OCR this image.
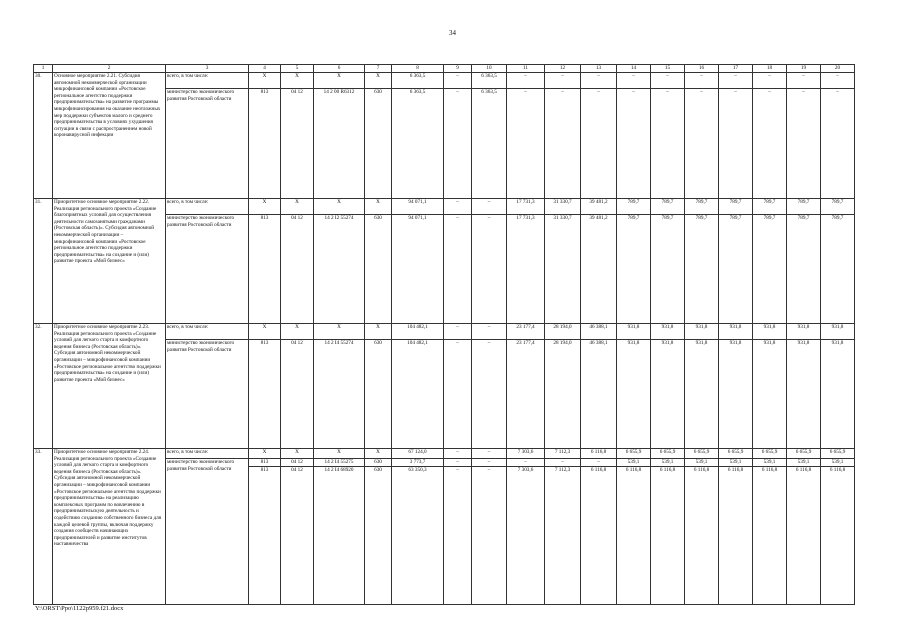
34
1	2	3	4	5	6	7	8	9	10	11	12	13	14	15	16	17	18	19	20
30.	Основное мероприятие 2.21. Субсидия автономной некоммерческой организации микрофинансовой компании «Ростовское региональное агентство поддержки предпринимательства» на развитие программы микрофинансирования на оказание неотложных мер поддержки субъектов малого и среднего предпринимательства в условиях ухудшения ситуации в связи с распространением новой коронавирусной инфекции	всего, в том числе:	X	X	X	X	6 363,5	–	6 363,5	–	–	–	–	–	–	–	–	–	–
		министерство экономического развития Ростовской области	813	04 12	14 2 00 R6312	630	6 363,5	–	6 363,5	–	–	–	–	–	–	–	–	–	–
31.	Приоритетное основное мероприятие 2.22. Реализация регионального проекта «Создание благоприятных условий для осуществления деятельности самозанятыми гражданами (Ростовская область)». Субсидия автономной некоммерческой организации – микрофинансовой компании «Ростовское региональное агентство поддержки предпринимательства» на создание и (или) развитие проекта «Мой бизнес»	всего, в том числе:	X	X	X	X	94 071,1	–	–	17 731,3	31 330,7	39 481,2	789,7	789,7	789,7	789,7	789,7	789,7	789,7
		министерство экономического развития Ростовской области	813	04 12	14 2 I2 55274	630	94 071,1	–	–	17 731,3	31 330,7	39 481,2	789,7	789,7	789,7	789,7	789,7	789,7	789,7
32.	Приоритетное основное мероприятие 2.23. Реализация регионального проекта «Создание условий для легкого старта и комфортного ведения бизнеса (Ростовская область)». Субсидия автономной некоммерческой организации – микрофинансовой компании «Ростовское региональное агентство поддержки предпринимательства» на создание и (или) развитие проекта «Мой бизнес»	всего, в том числе:	X	X	X	X	104 482,1	–	–	23 177,4	28 194,0	46 388,1	931,8	931,8	931,8	931,8	931,8	931,8	931,8
		министерство экономического развития Ростовской области	813	04 12	14 2 I4 55274	630	104 482,1	–	–	23 177,4	28 194,0	46 388,1	931,8	931,8	931,8	931,8	931,8	931,8	931,8
33.	Приоритетное основное мероприятие 2.24. Реализация регионального проекта «Создание условий для легкого старта и комфортного ведения бизнеса (Ростовская область)». Субсидия автономной некоммерческой организации – микрофинансовой компании «Ростовское региональное агентство поддержки предпринимательства» на реализацию комплексных программ по вовлечению в предпринимательскую деятельность и содействию созданию собственного бизнеса для каждой целевой группы, включая поддержку создания сообществ начинающих предпринимателей и развитие институтов наставничества	всего, в том числе:	X	X	X	X	67 124,0	–	–	7 303,6	7 112,3	6 116,8	6 655,9	6 655,9	6 655,9	6 655,9	6 655,9	6 655,9	6 655,9
		министерство экономического развития Ростовской области	813	04 12	14 2 I4 55275	630	3 773,7	–	–	–	–	–	539,1	539,1	539,1	539,1	539,1	539,1	539,1
			813	04 12	14 2 I4 68920	630	63 350,3	–	–	7 303,6	7 112,3	6 116,8	6 116,8	6 116,8	6 116,8	6 116,8	6 116,8	6 116,8	6 116,8
Y:\ORST\Ppo\1122p959.f21.docx
